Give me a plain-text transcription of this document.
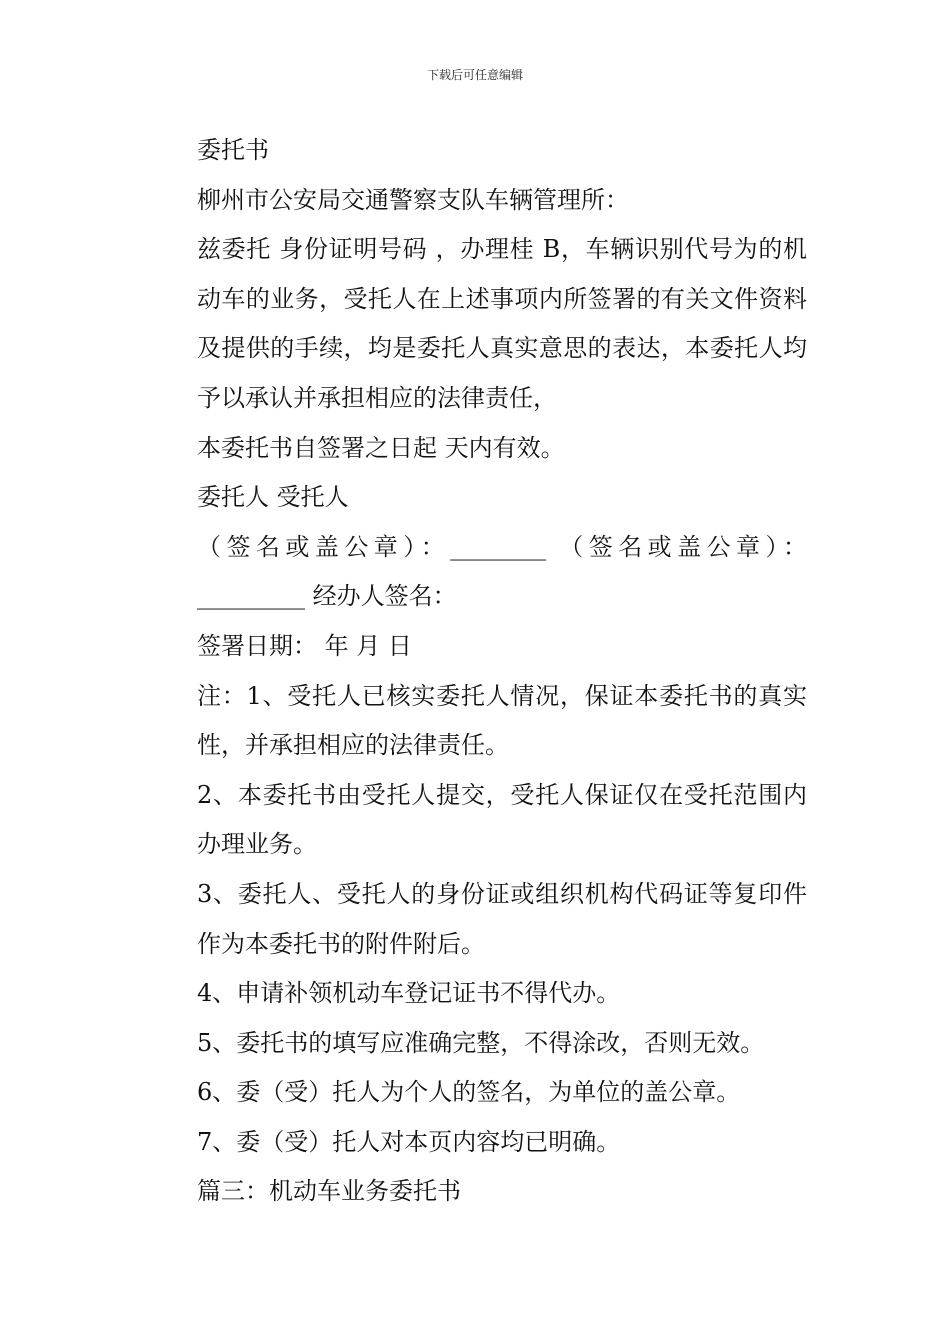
下载后可任意编辑

委托书

柳州市公安局交通警察支队车辆管理所：

兹委托 身份证明号码 ，办理桂 B，车辆识别代号为的机动车的业务，受托人在上述事项内所签署的有关文件资料及提供的手续，均是委托人真实意思的表达，本委托人均予以承认并承担相应的法律责任，

本委托书自签署之日起 天内有效。

委托人 受托人

（签名或盖公章）：________ （签名或盖公章）：_________ 经办人签名：

签署日期： 年 月 日

注：1、受托人已核实委托人情况，保证本委托书的真实性，并承担相应的法律责任。

2、本委托书由受托人提交，受托人保证仅在受托范围内办理业务。

3、委托人、受托人的身份证或组织机构代码证等复印件作为本委托书的附件附后。

4、申请补领机动车登记证书不得代办。

5、委托书的填写应准确完整，不得涂改，否则无效。

6、委（受）托人为个人的签名，为单位的盖公章。

7、委（受）托人对本页内容均已明确。

篇三：机动车业务委托书
